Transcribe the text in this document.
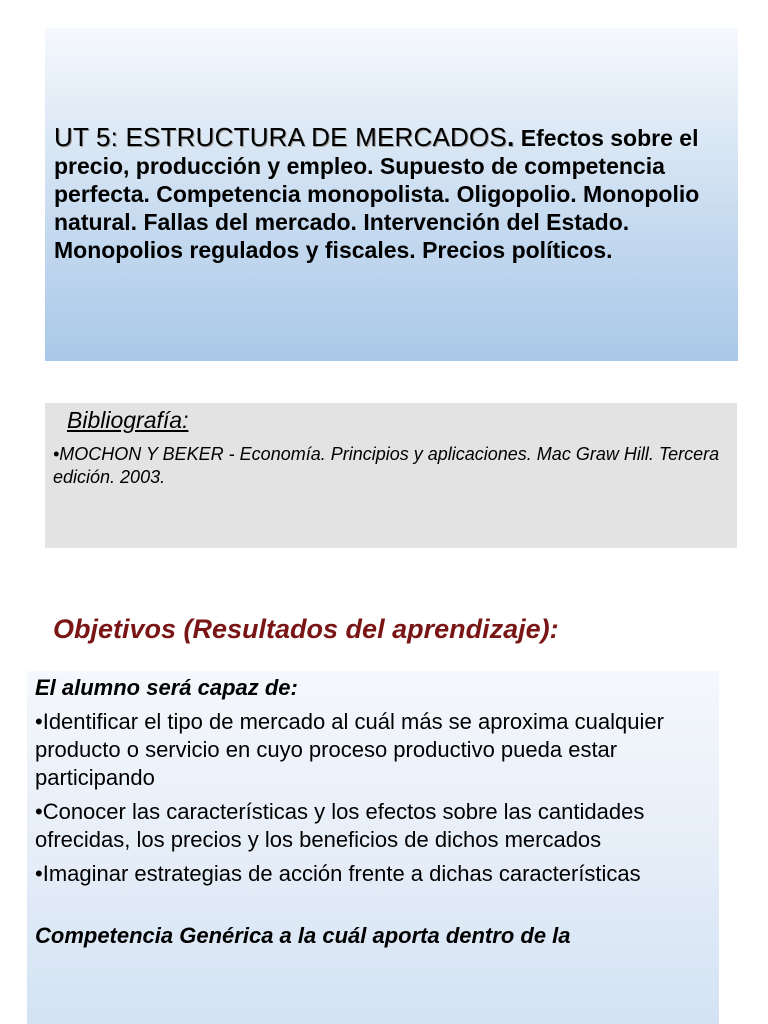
UT 5: ESTRUCTURA DE MERCADOS. Efectos sobre el precio, producción y empleo. Supuesto de competencia perfecta. Competencia monopolista. Oligopolio. Monopolio natural. Fallas del mercado. Intervención del Estado. Monopolios regulados y fiscales. Precios políticos.

Bibliografía:

•MOCHON Y BEKER - Economía. Principios y aplicaciones. Mac Graw Hill. Tercera edición. 2003.

Objetivos (Resultados del aprendizaje):

El alumno será capaz de:

•Identificar el tipo de mercado al cuál más se aproxima cualquier producto o servicio en cuyo proceso productivo pueda estar participando
•Conocer las características y los efectos sobre las cantidades ofrecidas, los precios y los beneficios de dichos mercados
•Imaginar estrategias de acción frente a dichas características

Competencia Genérica a la cuál aporta dentro de la
